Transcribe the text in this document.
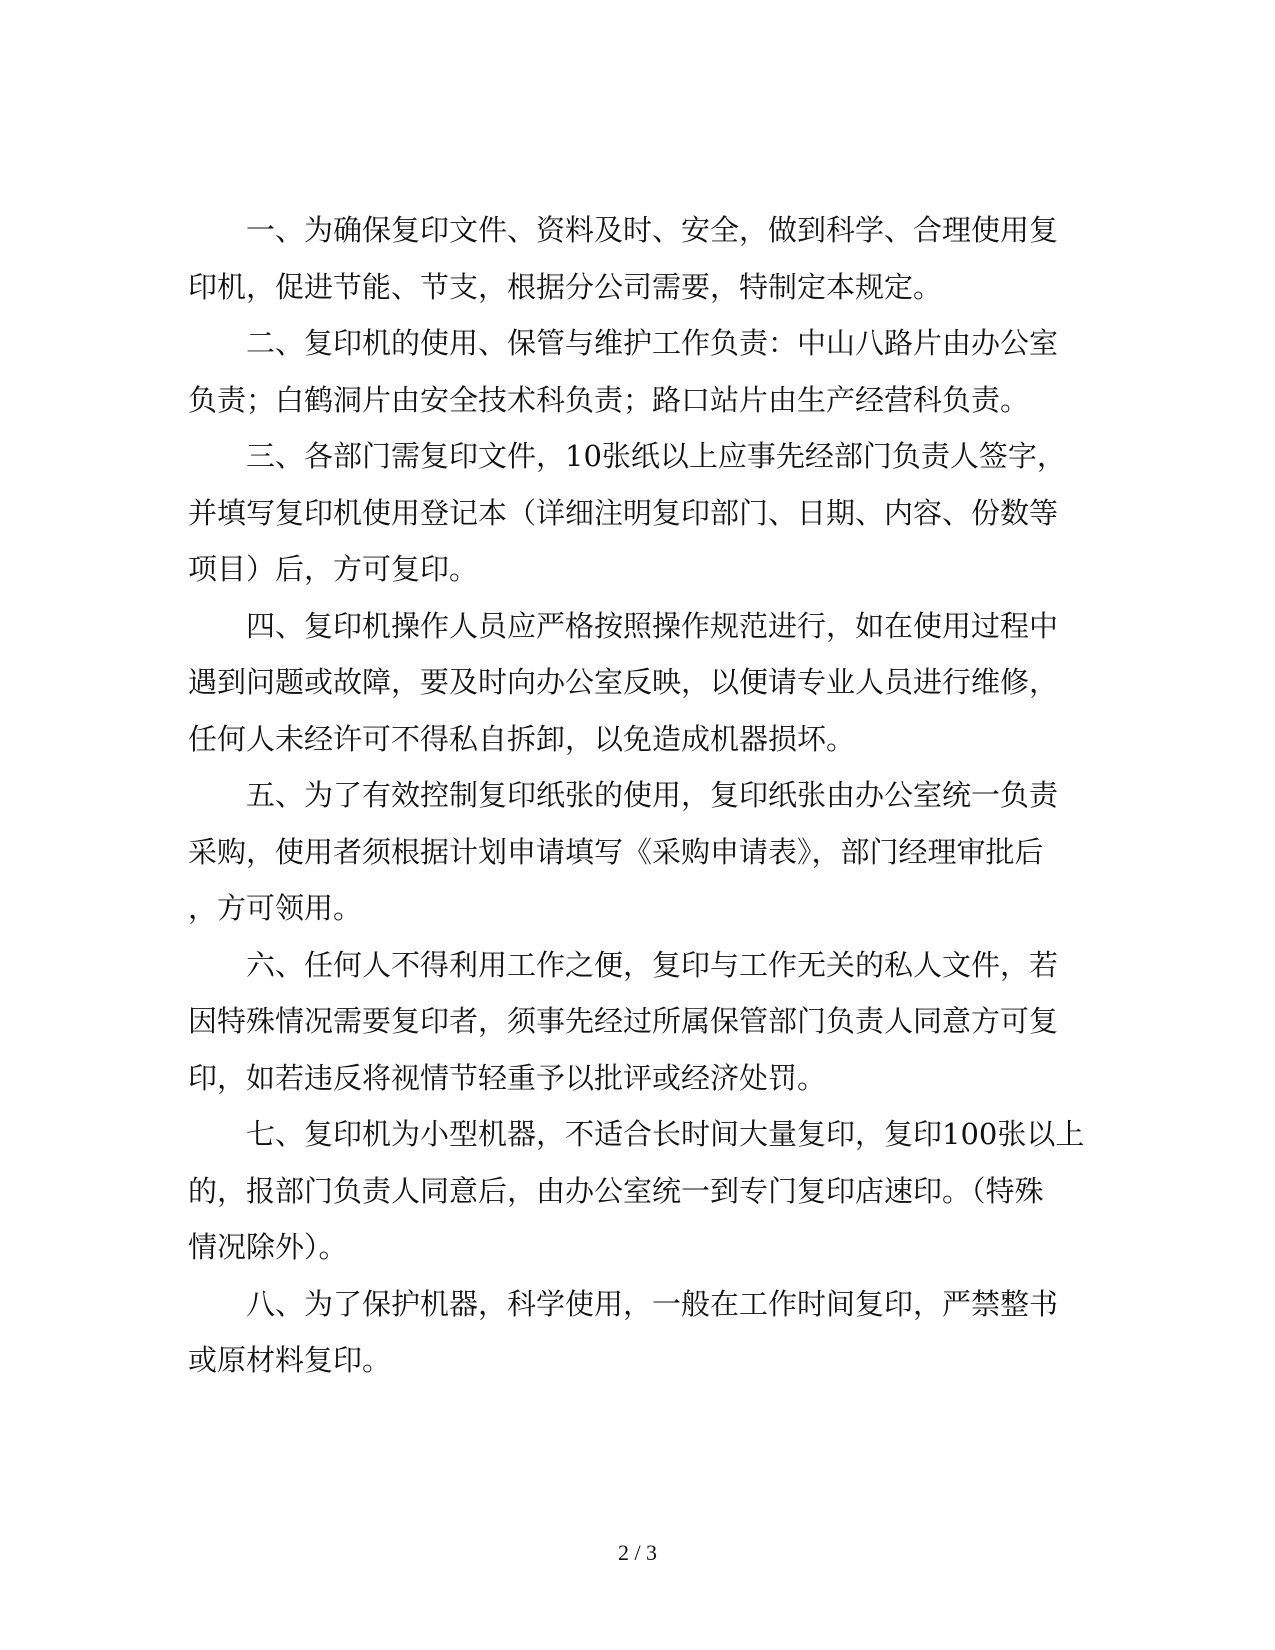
一、为确保复印文件、资料及时、安全，做到科学、合理使用复
印机，促进节能、节支，根据分公司需要，特制定本规定。

二、复印机的使用、保管与维护工作负责：中山八路片由办公室
负责；白鹤洞片由安全技术科负责；路口站片由生产经营科负责。

三、各部门需复印文件，10张纸以上应事先经部门负责人签字，
并填写复印机使用登记本（详细注明复印部门、日期、内容、份数等
项目）后，方可复印。

四、复印机操作人员应严格按照操作规范进行，如在使用过程中
遇到问题或故障，要及时向办公室反映，以便请专业人员进行维修，
任何人未经许可不得私自拆卸，以免造成机器损坏。

五、为了有效控制复印纸张的使用，复印纸张由办公室统一负责
采购，使用者须根据计划申请填写《采购申请表》，部门经理审批后
，方可领用。

六、任何人不得利用工作之便，复印与工作无关的私人文件，若
因特殊情况需要复印者，须事先经过所属保管部门负责人同意方可复
印，如若违反将视情节轻重予以批评或经济处罚。

七、复印机为小型机器，不适合长时间大量复印，复印100张以上
的，报部门负责人同意后，由办公室统一到专门复印店速印。（特殊
情况除外）。

八、为了保护机器，科学使用，一般在工作时间复印，严禁整书
或原材料复印。

2 / 3
